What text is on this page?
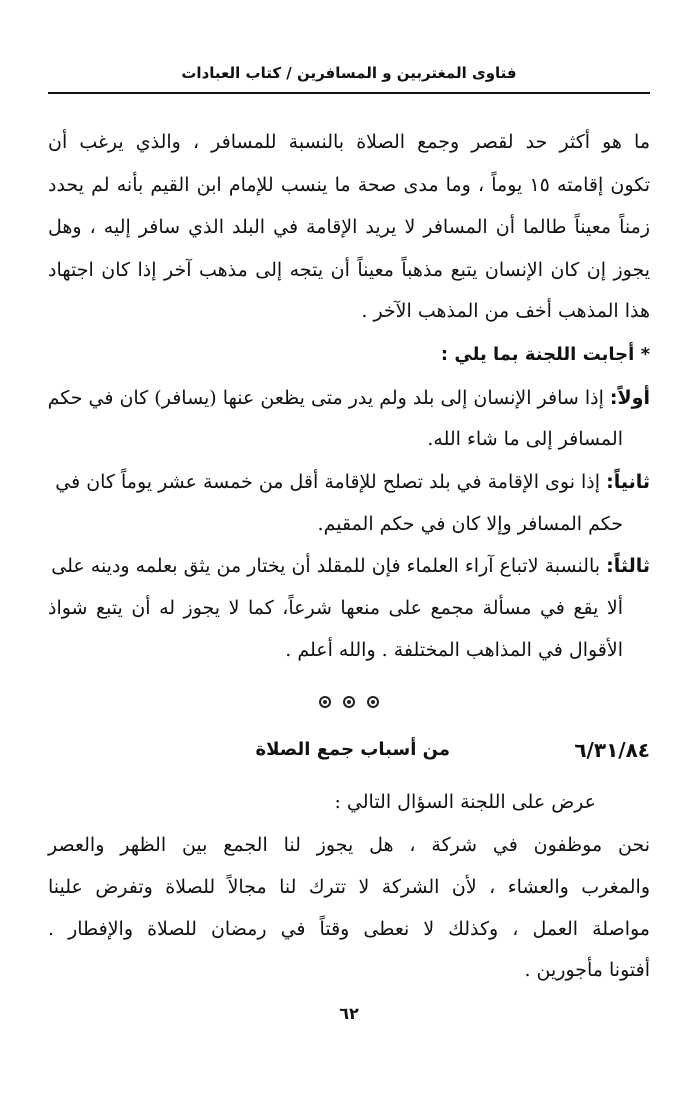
فتاوى المغتربين و المسافرين / كتاب العبادات
ما هو أكثر حد لقصر وجمع الصلاة بالنسبة للمسافر ، والذي يرغب أن
تكون إقامته ١٥ يوماً ، وما مدى صحة ما ينسب للإمام ابن القيم بأنه لم يحدد
زمناً معيناً طالما أن المسافر لا يريد الإقامة في البلد الذي سافر إليه ، وهل
يجوز إن كان الإنسان يتبع مذهباً معيناً أن يتجه إلى مذهب آخر إذا كان اجتهاد
هذا المذهب أخف من المذهب الآخر .
* أجابت اللجنة بما يلي :
أولاً: إذا سافر الإنسان إلى بلد ولم يدر متى يظعن عنها (يسافر) كان في حكم
المسافر إلى ما شاء الله.
ثانياً: إذا نوى الإقامة في بلد تصلح للإقامة أقل من خمسة عشر يوماً كان في
حكم المسافر وإلا كان في حكم المقيم.
ثالثاً: بالنسبة لاتباع آراء العلماء فإن للمقلد أن يختار من يثق بعلمه ودينه على
ألا يقع في مسألة مجمع على منعها شرعاً، كما لا يجوز له أن يتبع شواذ
الأقوال في المذاهب المختلفة . والله أعلم .
٦/٣١/٨٤
من أسباب جمع الصلاة
عرض على اللجنة السؤال التالي :
نحن موظفون في شركة ، هل يجوز لنا الجمع بين الظهر والعصر
والمغرب والعشاء ، لأن الشركة لا تترك لنا مجالاً للصلاة وتفرض علينا
مواصلة العمل ، وكذلك لا نعطى وقتاً في رمضان للصلاة والإفطار .
أفتونا مأجورين .
٦٢
